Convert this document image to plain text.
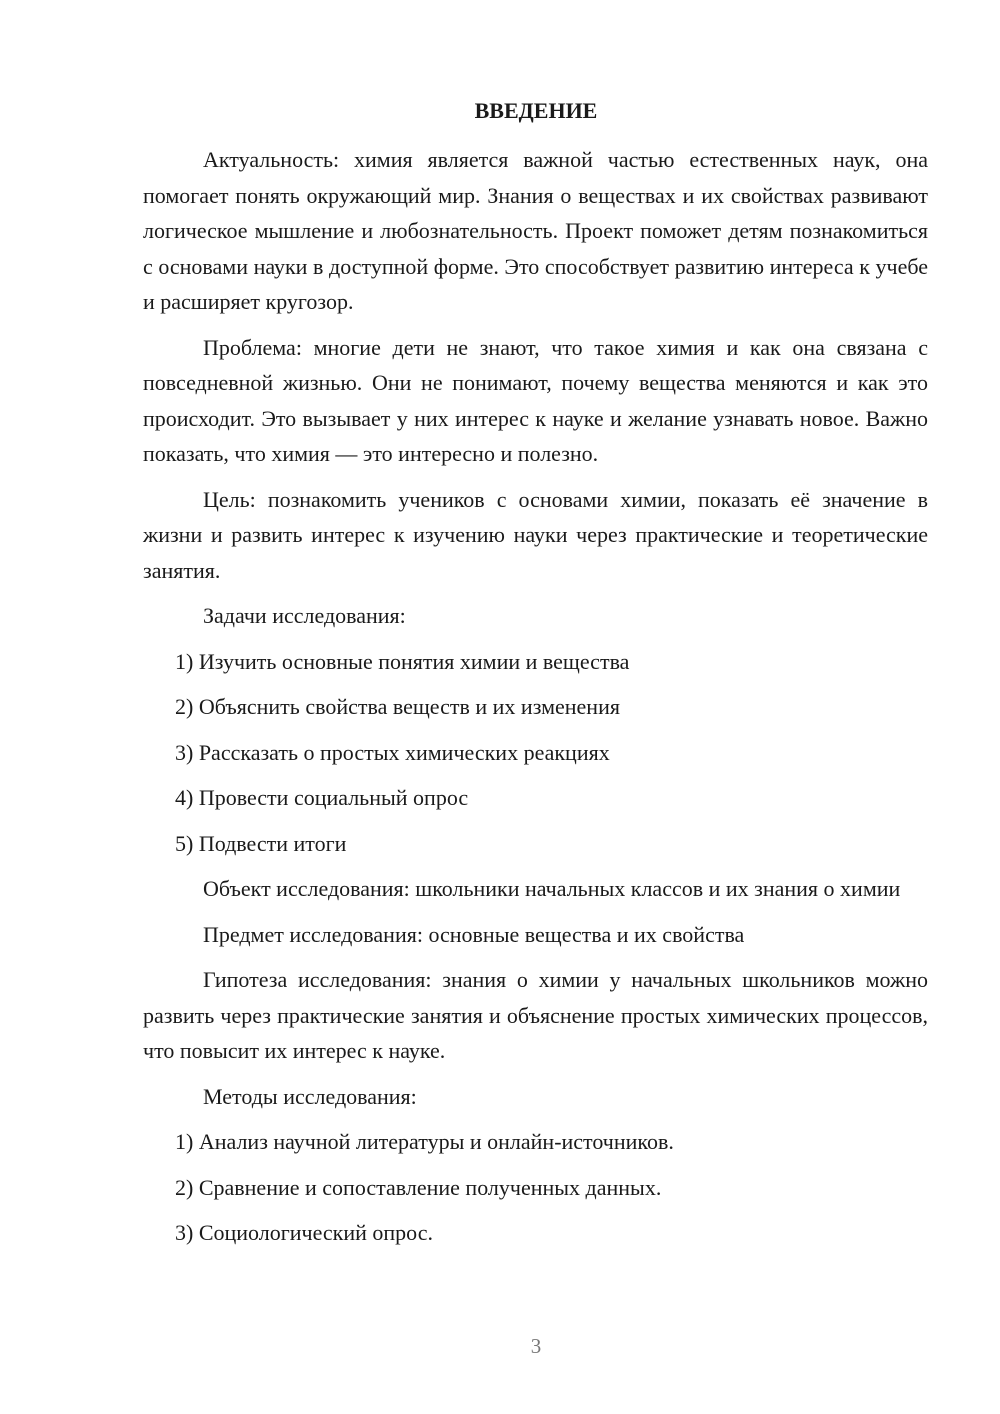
ВВЕДЕНИЕ

Актуальность: химия является важной частью естественных наук, она помогает понять окружающий мир. Знания о веществах и их свойствах развивают логическое мышление и любознательность. Проект поможет детям познакомиться с основами науки в доступной форме. Это способствует развитию интереса к учебе и расширяет кругозор.

Проблема: многие дети не знают, что такое химия и как она связана с повседневной жизнью. Они не понимают, почему вещества меняются и как это происходит. Это вызывает у них интерес к науке и желание узнавать новое. Важно показать, что химия — это интересно и полезно.

Цель: познакомить учеников с основами химии, показать её значение в жизни и развить интерес к изучению науки через практические и теоретические занятия.

Задачи исследования:

1) Изучить основные понятия химии и вещества
2) Объяснить свойства веществ и их изменения
3) Рассказать о простых химических реакциях
4) Провести социальный опрос
5) Подвести итоги

Объект исследования: школьники начальных классов и их знания о химии

Предмет исследования: основные вещества и их свойства

Гипотеза исследования: знания о химии у начальных школьников можно развить через практические занятия и объяснение простых химических процессов, что повысит их интерес к науке.

Методы исследования:

1) Анализ научной литературы и онлайн-источников.
2) Сравнение и сопоставление полученных данных.
3) Социологический опрос.
3
